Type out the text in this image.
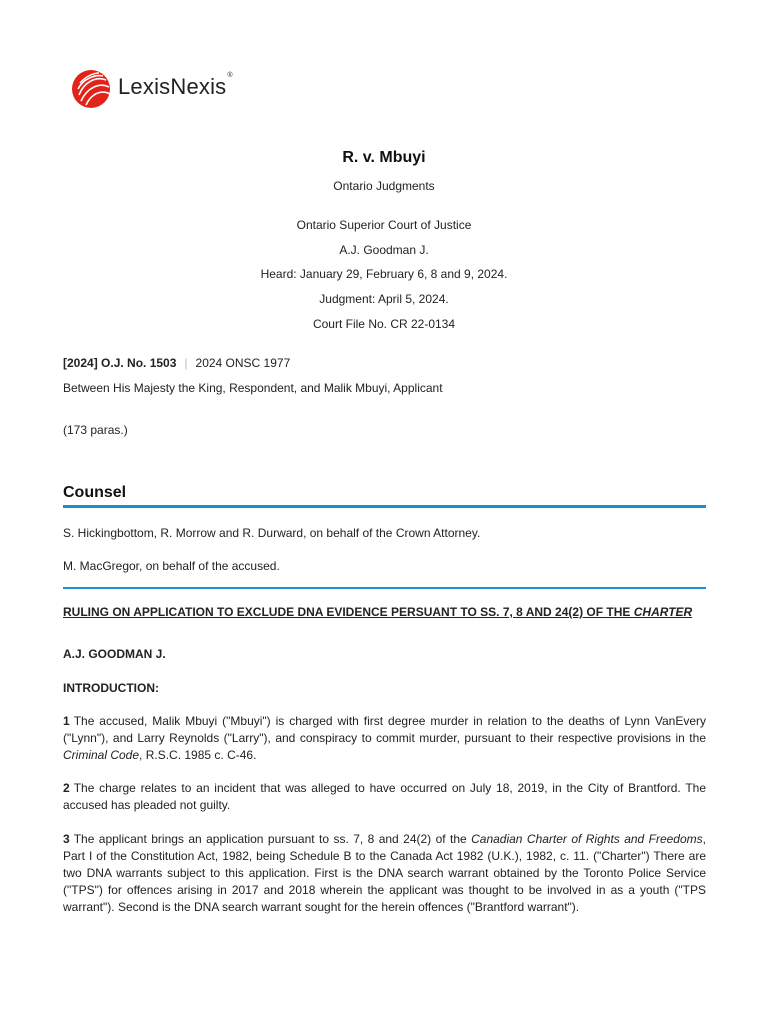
LexisNexis®
R. v. Mbuyi
Ontario Judgments
Ontario Superior Court of Justice
A.J. Goodman J.
Heard: January 29, February 6, 8 and 9, 2024.
Judgment: April 5, 2024.
Court File No. CR 22-0134
[2024] O.J. No. 1503 | 2024 ONSC 1977
Between His Majesty the King, Respondent, and Malik Mbuyi, Applicant
(173 paras.)
Counsel
S. Hickingbottom, R. Morrow and R. Durward, on behalf of the Crown Attorney.
M. MacGregor, on behalf of the accused.
RULING ON APPLICATION TO EXCLUDE DNA EVIDENCE PERSUANT TO SS. 7, 8 AND 24(2) OF THE CHARTER
A.J. GOODMAN J.
INTRODUCTION:
1 The accused, Malik Mbuyi ("Mbuyi") is charged with first degree murder in relation to the deaths of Lynn VanEvery ("Lynn"), and Larry Reynolds ("Larry"), and conspiracy to commit murder, pursuant to their respective provisions in the Criminal Code, R.S.C. 1985 c. C-46.
2 The charge relates to an incident that was alleged to have occurred on July 18, 2019, in the City of Brantford. The accused has pleaded not guilty.
3 The applicant brings an application pursuant to ss. 7, 8 and 24(2) of the Canadian Charter of Rights and Freedoms, Part I of the Constitution Act, 1982, being Schedule B to the Canada Act 1982 (U.K.), 1982, c. 11. ("Charter") There are two DNA warrants subject to this application. First is the DNA search warrant obtained by the Toronto Police Service ("TPS") for offences arising in 2017 and 2018 wherein the applicant was thought to be involved in as a youth ("TPS warrant"). Second is the DNA search warrant sought for the herein offences ("Brantford warrant").
